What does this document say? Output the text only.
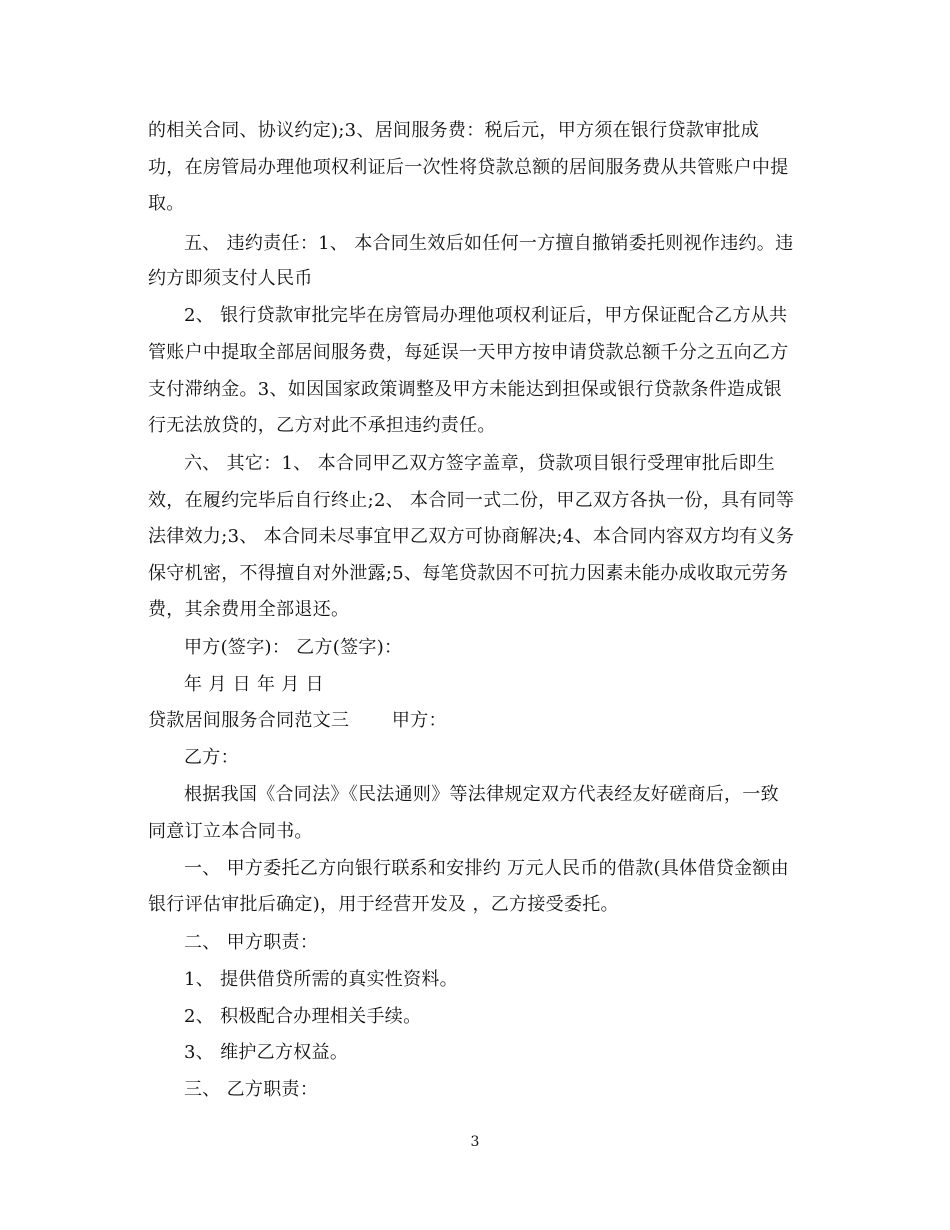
的相关合同、协议约定);3、居间服务费：税后元，甲方须在银行贷款审批成
功，在房管局办理他项权利证后一次性将贷款总额的居间服务费从共管账户中提
取。
五、 违约责任：1、 本合同生效后如任何一方擅自撤销委托则视作违约。违
约方即须支付人民币
2、 银行贷款审批完毕在房管局办理他项权利证后，甲方保证配合乙方从共
管账户中提取全部居间服务费，每延误一天甲方按申请贷款总额千分之五向乙方
支付滞纳金。3、如因国家政策调整及甲方未能达到担保或银行贷款条件造成银
行无法放贷的，乙方对此不承担违约责任。
六、 其它：1、 本合同甲乙双方签字盖章，贷款项目银行受理审批后即生
效，在履约完毕后自行终止;2、 本合同一式二份，甲乙双方各执一份，具有同等
法律效力;3、 本合同未尽事宜甲乙双方可协商解决;4、本合同内容双方均有义务
保守机密，不得擅自对外泄露;5、每笔贷款因不可抗力因素未能办成收取元劳务
费，其余费用全部退还。
甲方(签字)： 乙方(签字)：
年 月 日 年 月 日
贷款居间服务合同范文三　　 甲方：
乙方：
根据我国《合同法》《民法通则》等法律规定双方代表经友好磋商后，一致
同意订立本合同书。
一、 甲方委托乙方向银行联系和安排约 万元人民币的借款(具体借贷金额由
银行评估审批后确定)，用于经营开发及 ，乙方接受委托。
二、 甲方职责：
1、 提供借贷所需的真实性资料。
2、 积极配合办理相关手续。
3、 维护乙方权益。
三、 乙方职责：
3
